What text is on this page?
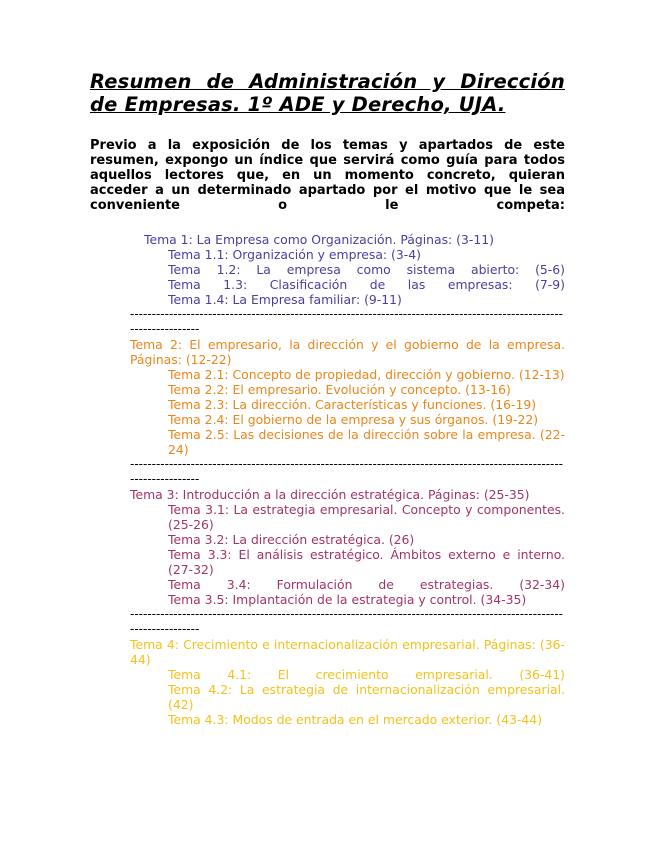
Resumen de Administración y Dirección de Empresas. 1º ADE y Derecho, UJA.

Previo a la exposición de los temas y apartados de este resumen, expongo un índice que servirá como guía para todos aquellos lectores que, en un momento concreto, quieran acceder a un determinado apartado por el motivo que le sea conveniente o le competa:

Tema 1: La Empresa como Organización. Páginas: (3-11)

Tema 1.1: Organización y empresa: (3-4)

Tema 1.2: La empresa como sistema abierto: (5-6)

Tema 1.3: Clasificación de las empresas: (7-9)

Tema 1.4: La Empresa familiar: (9-11)

--------------------------------------------------------------------------------------------------------------------

Tema 2: El empresario, la dirección y el gobierno de la empresa. Páginas: (12-22)

Tema 2.1: Concepto de propiedad, dirección y gobierno. (12-13)

Tema 2.2: El empresario. Evolución y concepto. (13-16)

Tema 2.3: La dirección. Características y funciones. (16-19)

Tema 2.4: El gobierno de la empresa y sus órganos. (19-22)

Tema 2.5: Las decisiones de la dirección sobre la empresa. (22-24)

--------------------------------------------------------------------------------------------------------------------

Tema 3: Introducción a la dirección estratégica. Páginas: (25-35)

Tema 3.1: La estrategia empresarial. Concepto y componentes. (25-26)

Tema 3.2: La dirección estratégica. (26)

Tema 3.3: El análisis estratégico. Ámbitos externo e interno. (27-32)

Tema 3.4: Formulación de estrategias. (32-34)

Tema 3.5: Implantación de la estrategia y control. (34-35)

--------------------------------------------------------------------------------------------------------------------

Tema 4: Crecimiento e internacionalización empresarial. Páginas: (36-44)

Tema 4.1: El crecimiento empresarial. (36-41)

Tema 4.2: La estrategia de internacionalización empresarial. (42)

Tema 4.3: Modos de entrada en el mercado exterior. (43-44)
